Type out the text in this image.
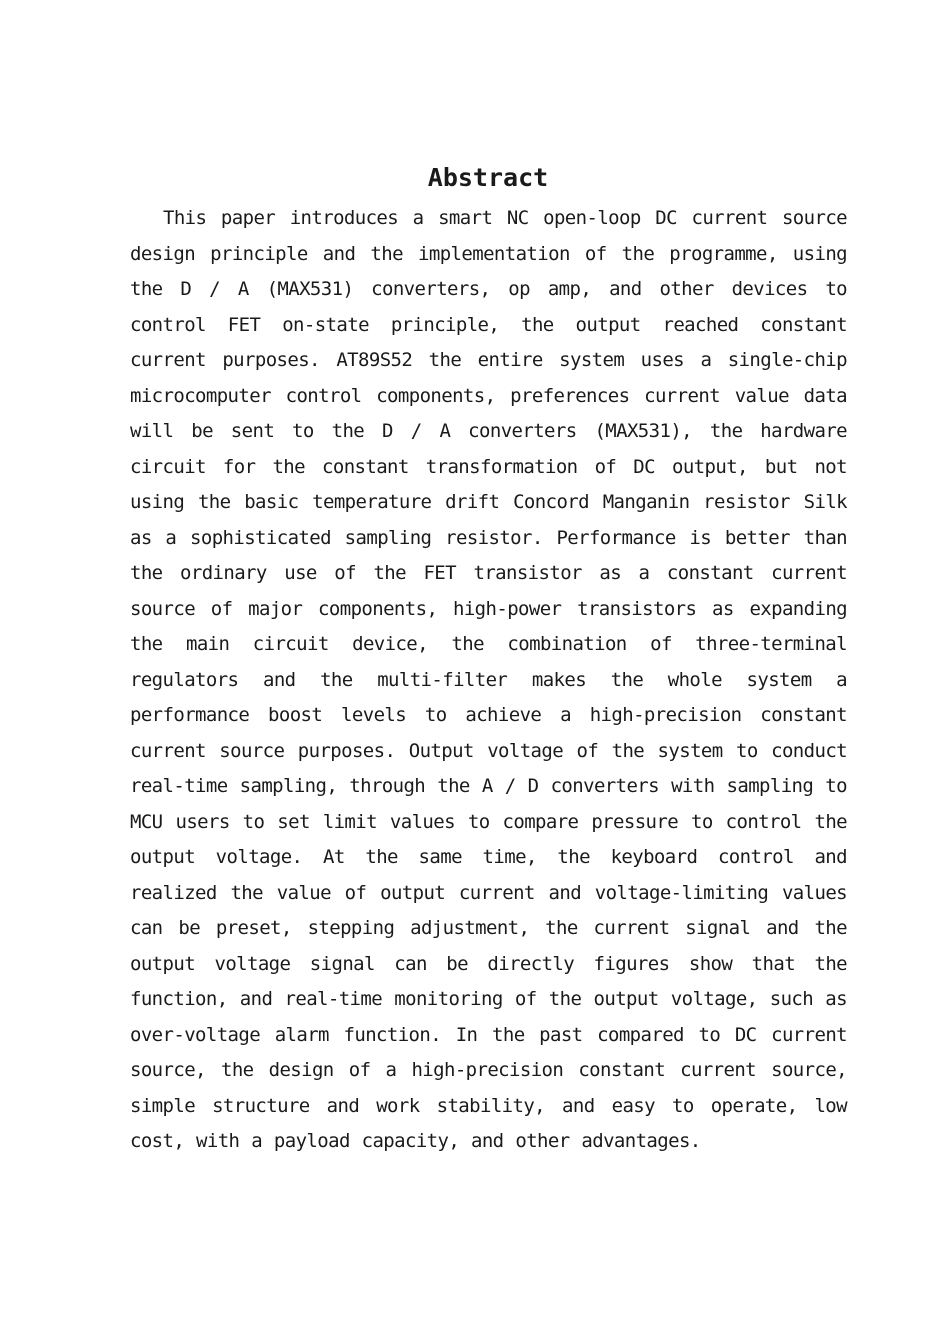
Abstract

This paper introduces a smart NC open-loop DC current source design principle and the implementation of the programme, using the D / A (MAX531) converters, op amp, and other devices to control FET on-state principle, the output reached constant current purposes. AT89S52 the entire system uses a single-chip microcomputer control components, preferences current value data will be sent to the D / A converters (MAX531), the hardware circuit for the constant transformation of DC output, but not using the basic temperature drift Concord Manganin resistor Silk as a sophisticated sampling resistor. Performance is better than the ordinary use of the FET transistor as a constant current source of major components, high-power transistors as expanding the main circuit device, the combination of three-terminal regulators and the multi-filter makes the whole system a performance boost levels to achieve a high-precision constant current source purposes. Output voltage of the system to conduct real-time sampling, through the A / D converters with sampling to MCU users to set limit values to compare pressure to control the output voltage. At the same time, the keyboard control and realized the value of output current and voltage-limiting values can be preset, stepping adjustment, the current signal and the output voltage signal can be directly figures show that the function, and real-time monitoring of the output voltage, such as over-voltage alarm function. In the past compared to DC current source, the design of a high-precision constant current source, simple structure and work stability, and easy to operate, low cost, with a payload capacity, and other advantages.
